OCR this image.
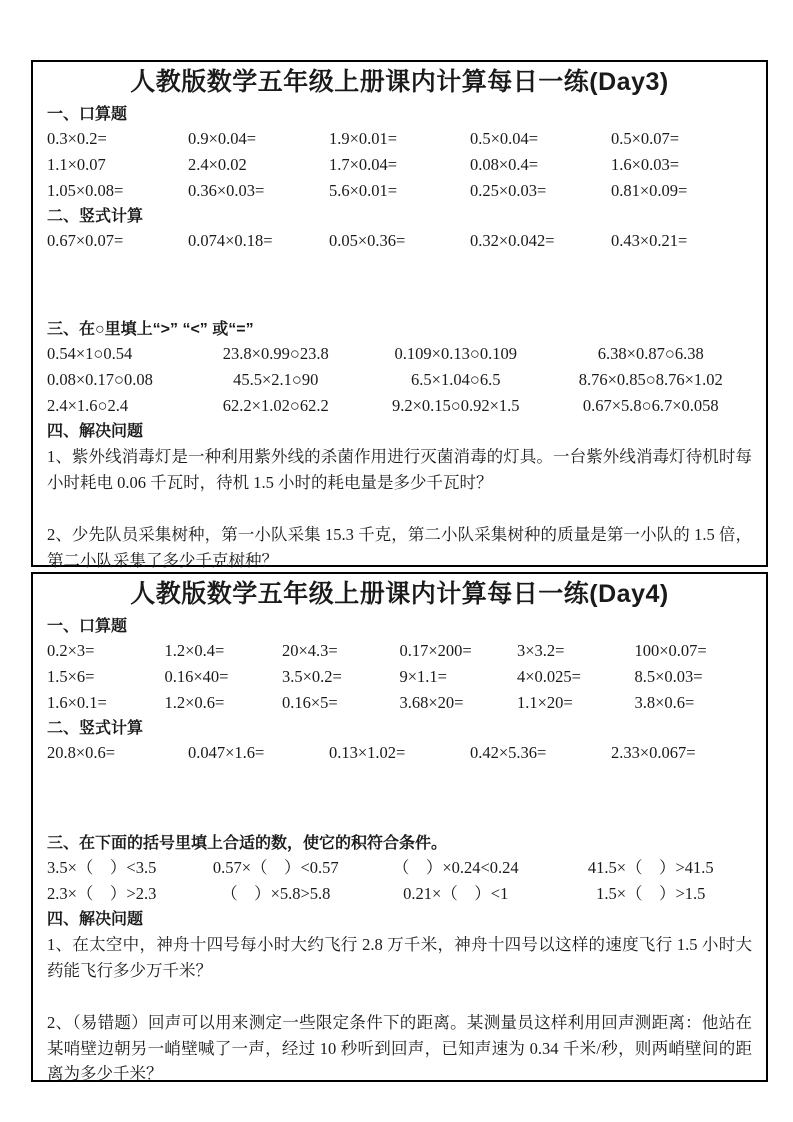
人教版数学五年级上册课内计算每日一练(Day3)
一、口算题
0.3×0.2=	0.9×0.04=	1.9×0.01=	0.5×0.04=	0.5×0.07=
1.1×0.07	2.4×0.02	1.7×0.04=	0.08×0.4=	1.6×0.03=
1.05×0.08=	0.36×0.03=	5.6×0.01=	0.25×0.03=	0.81×0.09=
二、竖式计算
0.67×0.07=	0.074×0.18=	0.05×0.36=	0.32×0.042=	0.43×0.21=
三、在○里填上“>” “<” 或“=”
0.54×1○0.54	23.8×0.99○23.8	0.109×0.13○0.109	6.38×0.87○6.38
0.08×0.17○0.08	45.5×2.1○90	6.5×1.04○6.5	8.76×0.85○8.76×1.02
2.4×1.6○2.4	62.2×1.02○62.2	9.2×0.15○0.92×1.5	0.67×5.8○6.7×0.058
四、解决问题

1、紫外线消毒灯是一种利用紫外线的杀菌作用进行灭菌消毒的灯具。一台紫外线消毒灯待机时每小时耗电 0.06 千瓦时，待机 1.5 小时的耗电量是多少千瓦时？

2、少先队员采集树种，第一小队采集 15.3 千克，第二小队采集树种的质量是第一小队的 1.5 倍，第二小队采集了多少千克树种？

人教版数学五年级上册课内计算每日一练(Day4)
一、口算题
0.2×3=	1.2×0.4=	20×4.3=	0.17×200=	3×3.2=	100×0.07=
1.5×6=	0.16×40=	3.5×0.2=	9×1.1=	4×0.025=	8.5×0.03=
1.6×0.1=	1.2×0.6=	0.16×5=	3.68×20=	1.1×20=	3.8×0.6=
二、竖式计算
20.8×0.6=	0.047×1.6=	0.13×1.02=	0.42×5.36=	2.33×0.067=
三、在下面的括号里填上合适的数，使它的积符合条件。
3.5×（　）<3.5	0.57×（　）<0.57	（　）×0.24<0.24	41.5×（　）>41.5
2.3×（　）>2.3	（　）×5.8>5.8	0.21×（　）<1	1.5×（　）>1.5
四、解决问题

1、在太空中，神舟十四号每小时大约飞行 2.8 万千米，神舟十四号以这样的速度飞行 1.5 小时大药能飞行多少万千米？

2、（易错题）回声可以用来测定一些限定条件下的距离。某测量员这样利用回声测距离：他站在某哨壁边朝另一峭壁喊了一声，经过 10 秒听到回声，已知声速为 0.34 千米/秒，则两峭壁间的距离为多少千米？
